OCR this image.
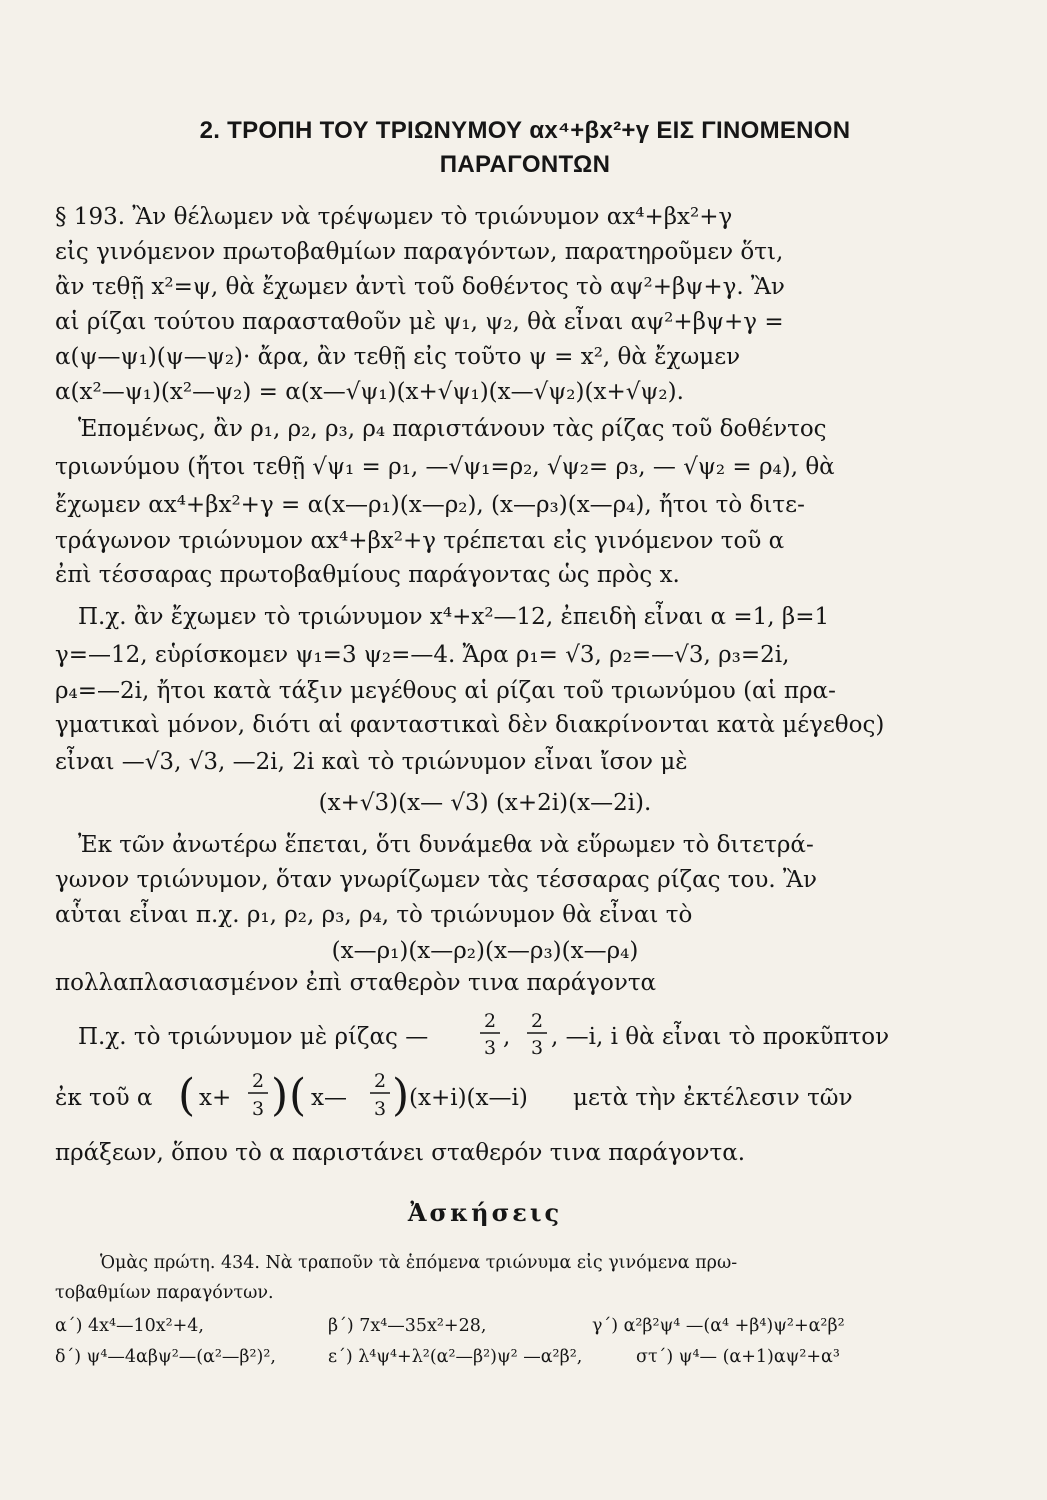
2. ΤΡΟΠΗ ΤΟΥ ΤΡΙΩΝΥΜΟΥ αx⁴+βx²+γ ΕΙΣ ΓΙΝΟΜΕΝΟΝ
ΠΑΡΑΓΟΝΤΩΝ
§ 193. Ἂν θέλωμεν νὰ τρέψωμεν τὸ τριώνυμον αx⁴+βx²+γ
εἰς γινόμενον πρωτοβαθμίων παραγόντων, παρατηροῦμεν ὅτι,
ἂν τεθῇ x²=ψ, θὰ ἔχωμεν ἀντὶ τοῦ δοθέντος τὸ αψ²+βψ+γ. Ἂν
αἱ ρίζαι τούτου παρασταθοῦν μὲ ψ₁, ψ₂, θὰ εἶναι αψ²+βψ+γ =
α(ψ—ψ₁)(ψ—ψ₂)· ἄρα, ἂν τεθῇ εἰς τοῦτο ψ = x², θὰ ἔχωμεν
α(x²—ψ₁)(x²—ψ₂) = α(x—√ψ₁)(x+√ψ₁)(x—√ψ₂)(x+√ψ₂).
Ἑπομένως, ἂν ρ₁, ρ₂, ρ₃, ρ₄ παριστάνουν τὰς ρίζας τοῦ δοθέντος
τριωνύμου (ἤτοι τεθῇ √ψ₁ = ρ₁, —√ψ₁=ρ₂, √ψ₂= ρ₃, — √ψ₂ = ρ₄), θὰ
ἔχωμεν αx⁴+βx²+γ = α(x—ρ₁)(x—ρ₂), (x—ρ₃)(x—ρ₄), ἤτοι τὸ διτε-
τράγωνον τριώνυμον αx⁴+βx²+γ τρέπεται εἰς γινόμενον τοῦ α
ἐπὶ τέσσαρας πρωτοβαθμίους παράγοντας ὡς πρὸς x.
Π.χ. ἂν ἔχωμεν τὸ τριώνυμον x⁴+x²—12, ἐπειδὴ εἶναι α =1, β=1
γ=—12, εὑρίσκομεν ψ₁=3 ψ₂=—4. Ἄρα ρ₁= √3, ρ₂=—√3, ρ₃=2i,
ρ₄=—2i, ἤτοι κατὰ τάξιν μεγέθους αἱ ρίζαι τοῦ τριωνύμου (αἱ πρα-
γματικαὶ μόνον, διότι αἱ φανταστικαὶ δὲν διακρίνονται κατὰ μέγεθος)
εἶναι —√3, √3, —2i, 2i καὶ τὸ τριώνυμον εἶναι ἴσον μὲ
(x+√3)(x— √3) (x+2i)(x—2i).
Ἐκ τῶν ἀνωτέρω ἕπεται, ὅτι δυνάμεθα νὰ εὕρωμεν τὸ διτετρά-
γωνον τριώνυμον, ὅταν γνωρίζωμεν τὰς τέσσαρας ρίζας του. Ἂν
αὗται εἶναι π.χ. ρ₁, ρ₂, ρ₃, ρ₄, τὸ τριώνυμον θὰ εἶναι τὸ
(x—ρ₁)(x—ρ₂)(x—ρ₃)(x—ρ₄)
πολλαπλασιασμένον ἐπὶ σταθερὸν τινα παράγοντα
Π.χ. τὸ τριώνυμον μὲ ρίζας —
2
3 ,
2
3 , —i, i θὰ εἶναι τὸ προκῦπτον
ἐκ τοῦ α ( x+
2
3 ) ( x—
2
3 ) (x+i)(x—i) μετὰ τὴν ἐκτέλεσιν τῶν
πράξεων, ὅπου τὸ α παριστάνει σταθερόν τινα παράγοντα.
Ἀσκήσεις
Ὁμὰς πρώτη. 434. Νὰ τραποῦν τὰ ἑπόμενα τριώνυμα εἰς γινόμενα πρω-
τοβαθμίων παραγόντων.
α΄) 4x⁴—10x²+4,	β΄) 7x⁴—35x²+28,	γ΄) α²β²ψ⁴ —(α⁴ +β⁴)ψ²+α²β²
δ΄) ψ⁴—4αβψ²—(α²—β²)²,	ε΄) λ⁴ψ⁴+λ²(α²—β²)ψ² —α²β²,	στ΄) ψ⁴— (α+1)αψ²+α³
